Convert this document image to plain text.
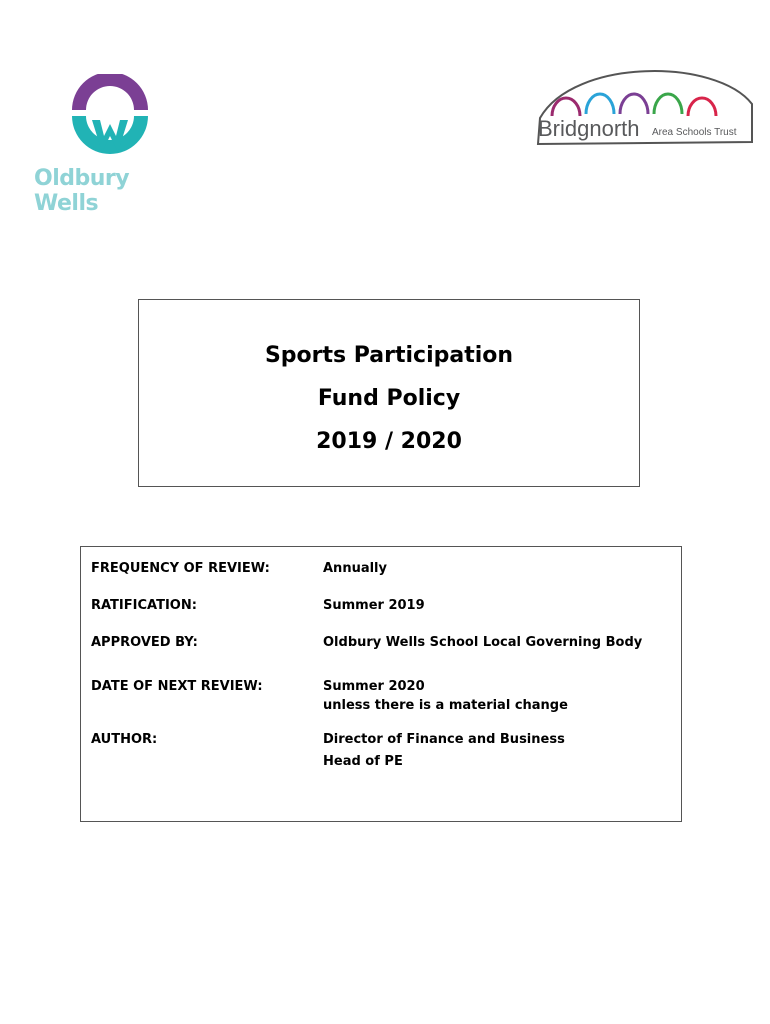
Oldbury Wells
Bridgnorth Area Schools Trust
Sports Participation
Fund Policy
2019 / 2020
FREQUENCY OF REVIEW:	Annually
RATIFICATION:	Summer 2019
APPROVED BY:	Oldbury Wells School Local Governing Body
DATE OF NEXT REVIEW:	Summer 2020
unless there is a material change
AUTHOR:	Director of Finance and Business
Head of PE
